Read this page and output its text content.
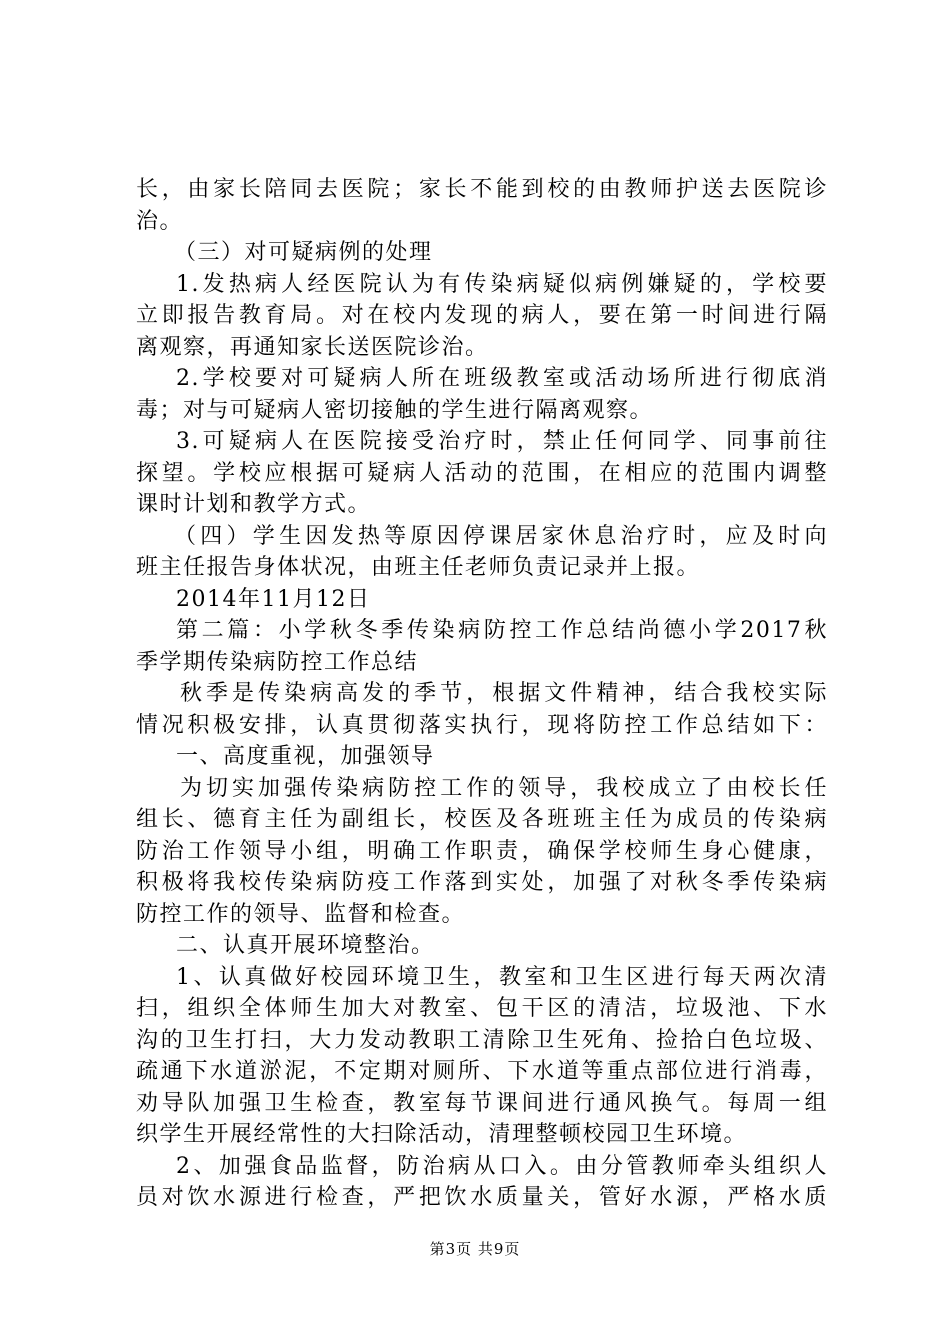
长，由家长陪同去医院；家长不能到校的由教师护送去医院诊
治。
（三）对可疑病例的处理
1.发热病人经医院认为有传染病疑似病例嫌疑的，学校要
立即报告教育局。对在校内发现的病人，要在第一时间进行隔
离观察，再通知家长送医院诊治。
2.学校要对可疑病人所在班级教室或活动场所进行彻底消
毒；对与可疑病人密切接触的学生进行隔离观察。
3.可疑病人在医院接受治疗时，禁止任何同学、同事前往
探望。学校应根据可疑病人活动的范围，在相应的范围内调整
课时计划和教学方式。
（四）学生因发热等原因停课居家休息治疗时，应及时向
班主任报告身体状况，由班主任老师负责记录并上报。
2014年11月12日
第二篇：小学秋冬季传染病防控工作总结尚德小学2017秋
季学期传染病防控工作总结
秋季是传染病高发的季节，根据文件精神，结合我校实际
情况积极安排，认真贯彻落实执行，现将防控工作总结如下：
一、高度重视，加强领导
为切实加强传染病防控工作的领导，我校成立了由校长任
组长、德育主任为副组长，校医及各班班主任为成员的传染病
防治工作领导小组，明确工作职责，确保学校师生身心健康，
积极将我校传染病防疫工作落到实处，加强了对秋冬季传染病
防控工作的领导、监督和检查。
二、认真开展环境整治。
1、认真做好校园环境卫生，教室和卫生区进行每天两次清
扫，组织全体师生加大对教室、包干区的清洁，垃圾池、下水
沟的卫生打扫，大力发动教职工清除卫生死角、捡拾白色垃圾、
疏通下水道淤泥，不定期对厕所、下水道等重点部位进行消毒，
劝导队加强卫生检查，教室每节课间进行通风换气。每周一组
织学生开展经常性的大扫除活动，清理整顿校园卫生环境。
2、加强食品监督，防治病从口入。由分管教师牵头组织人
员对饮水源进行检查，严把饮水质量关，管好水源，严格水质
第3页 共9页
